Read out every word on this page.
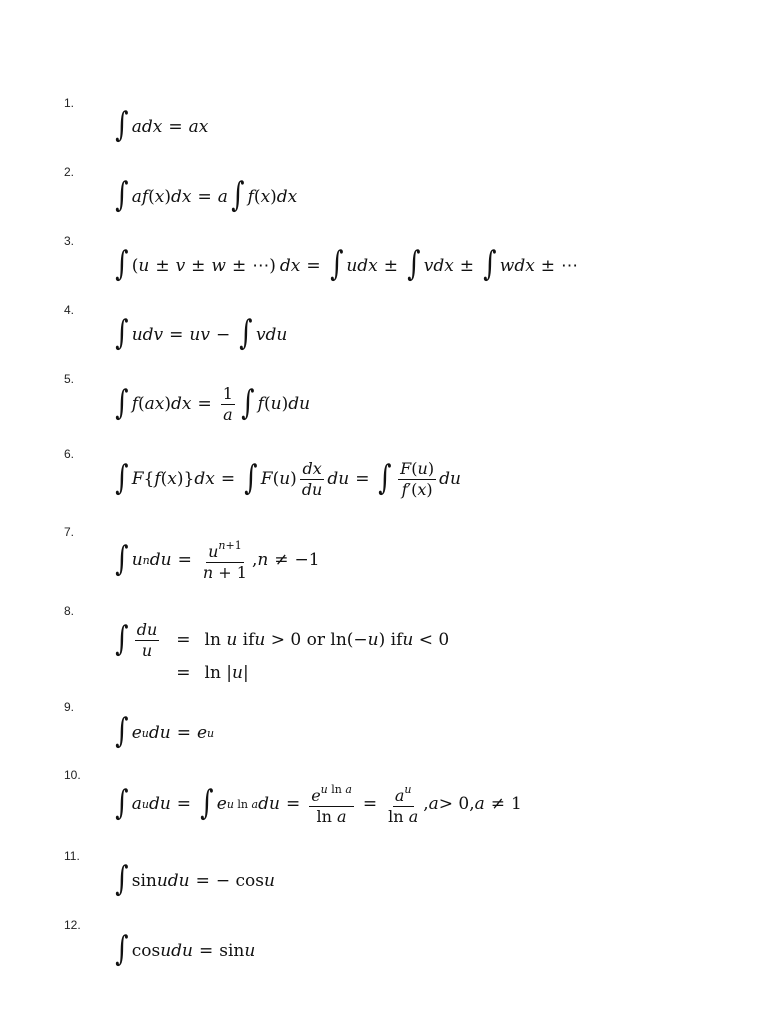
1.
∫ adx = ax
2.
∫ af ( x ) dx = a ∫ f ( x ) dx
3.
∫ ( u ± v ± w ± ⋯) dx = ∫ udx ± ∫ vdx ± ∫ wdx ± ⋯
4.
∫ udv = uv − ∫ vdu
5.
∫ f ( ax ) dx = $\frac{1}{a}$ ∫ f ( u ) du
6.
∫ F { f ( x )} dx = ∫ F ( u ) $\frac{dx}{du}$ du = ∫ $\frac{F(u)}{f'(x)}$ du
7.
∫ u n du = $\frac{u^{n+1}}{n + 1}$ , n ≠ −1
8.
∫ $\frac{du}{u} = \ln u$ ifu > 0 or ln(−u) ifu < 0
= ln |u|
9.
∫ e u du = e u
10.
∫ a u du = ∫ e u ln a du = $\frac{e^{u ln a}}{\text{ln a}} = \frac{a^u}{\text{ln a}}$ , a > 0, a ≠ 1
11.
∫ sin udu = − cos u
12.
∫ cos udu = sin u
